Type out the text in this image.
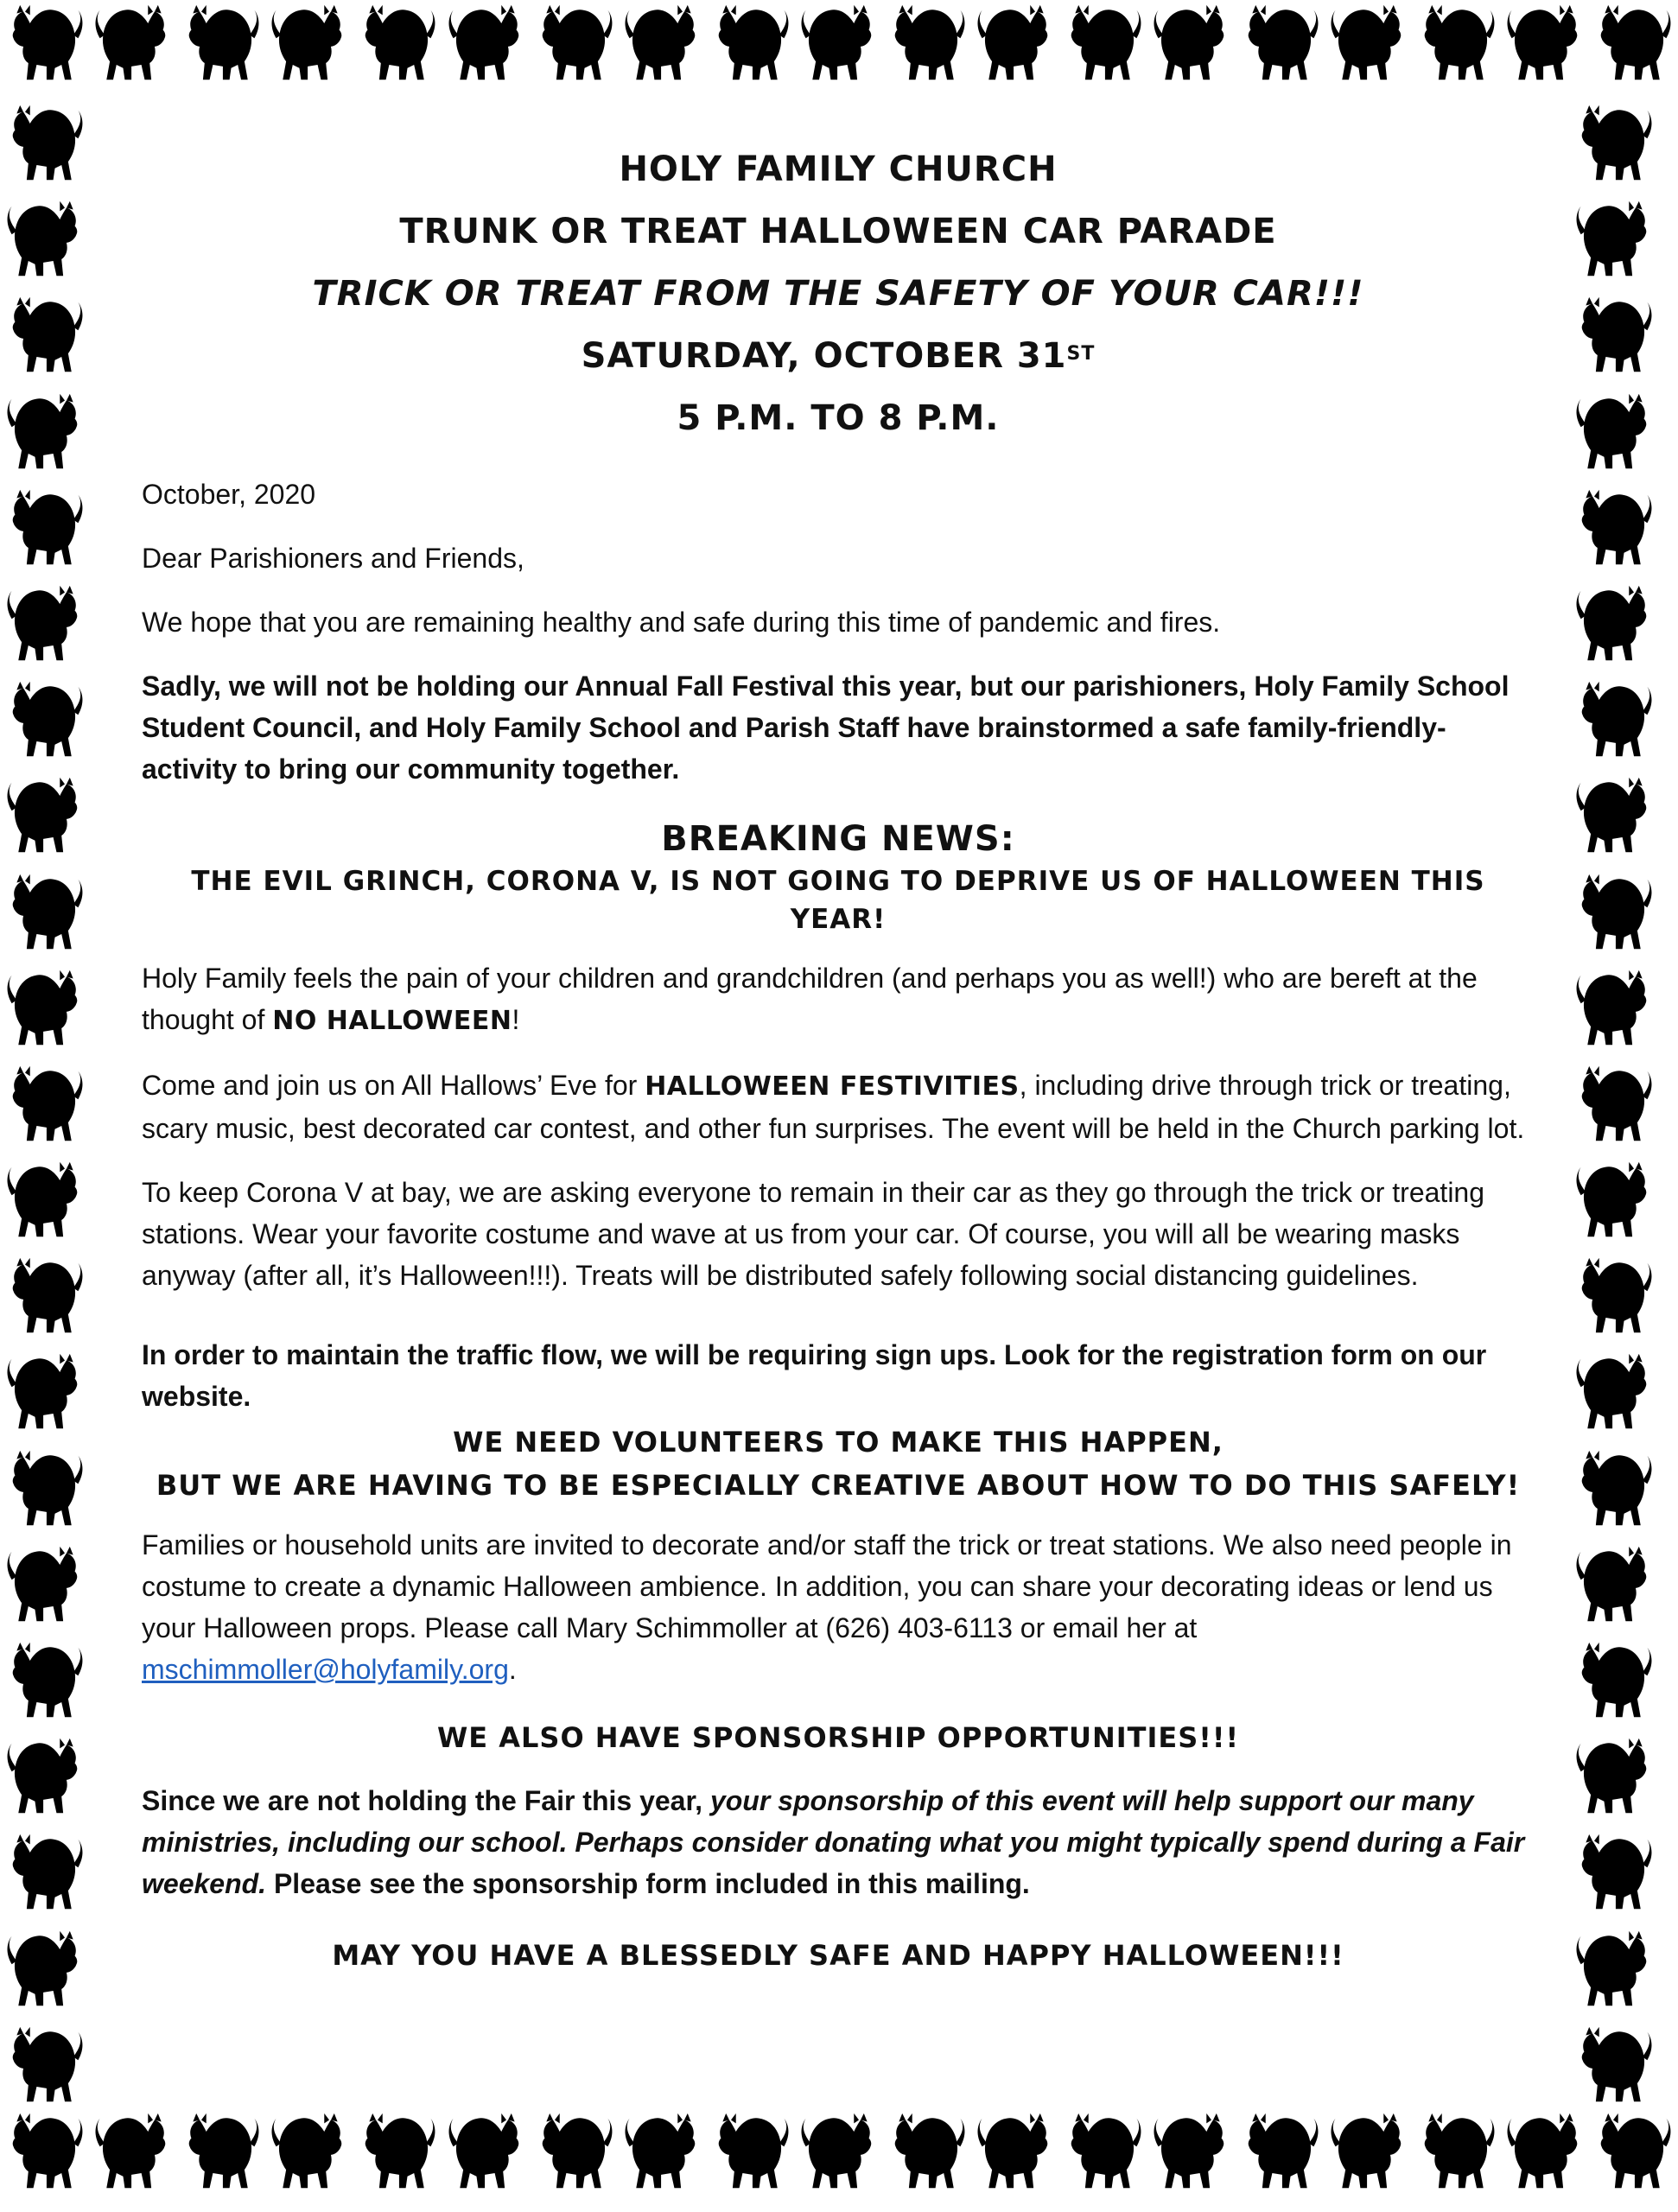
HOLY FAMILY CHURCH
TRUNK OR TREAT HALLOWEEN CAR PARADE
TRICK OR TREAT FROM THE SAFETY OF YOUR CAR!!!
SATURDAY, OCTOBER 31ST
5 P.M. TO 8 P.M.

October, 2020

Dear Parishioners and Friends,

We hope that you are remaining healthy and safe during this time of pandemic and fires.

Sadly, we will not be holding our Annual Fall Festival this year, but our parishioners, Holy Family School Student Council, and Holy Family School and Parish Staff have brainstormed a safe family-friendly-activity to bring our community together.

BREAKING NEWS:
THE EVIL GRINCH, CORONA V, IS NOT GOING TO DEPRIVE US OF HALLOWEEN THIS YEAR!

Holy Family feels the pain of your children and grandchildren (and perhaps you as well!) who are bereft at the thought of NO HALLOWEEN!

Come and join us on All Hallows’ Eve for HALLOWEEN FESTIVITIES, including drive through trick or treating, scary music, best decorated car contest, and other fun surprises. The event will be held in the Church parking lot.

To keep Corona V at bay, we are asking everyone to remain in their car as they go through the trick or treating stations. Wear your favorite costume and wave at us from your car. Of course, you will all be wearing masks anyway (after all, it’s Halloween!!!). Treats will be distributed safely following social distancing guidelines.

In order to maintain the traffic flow, we will be requiring sign ups. Look for the registration form on our website.

WE NEED VOLUNTEERS TO MAKE THIS HAPPEN,
BUT WE ARE HAVING TO BE ESPECIALLY CREATIVE ABOUT HOW TO DO THIS SAFELY!

Families or household units are invited to decorate and/or staff the trick or treat stations. We also need people in costume to create a dynamic Halloween ambience. In addition, you can share your decorating ideas or lend us your Halloween props. Please call Mary Schimmoller at (626) 403-6113 or email her at mschimmoller@holyfamily.org.

WE ALSO HAVE SPONSORSHIP OPPORTUNITIES!!!

Since we are not holding the Fair this year, your sponsorship of this event will help support our many ministries, including our school. Perhaps consider donating what you might typically spend during a Fair weekend. Please see the sponsorship form included in this mailing.

MAY YOU HAVE A BLESSEDLY SAFE AND HAPPY HALLOWEEN!!!
